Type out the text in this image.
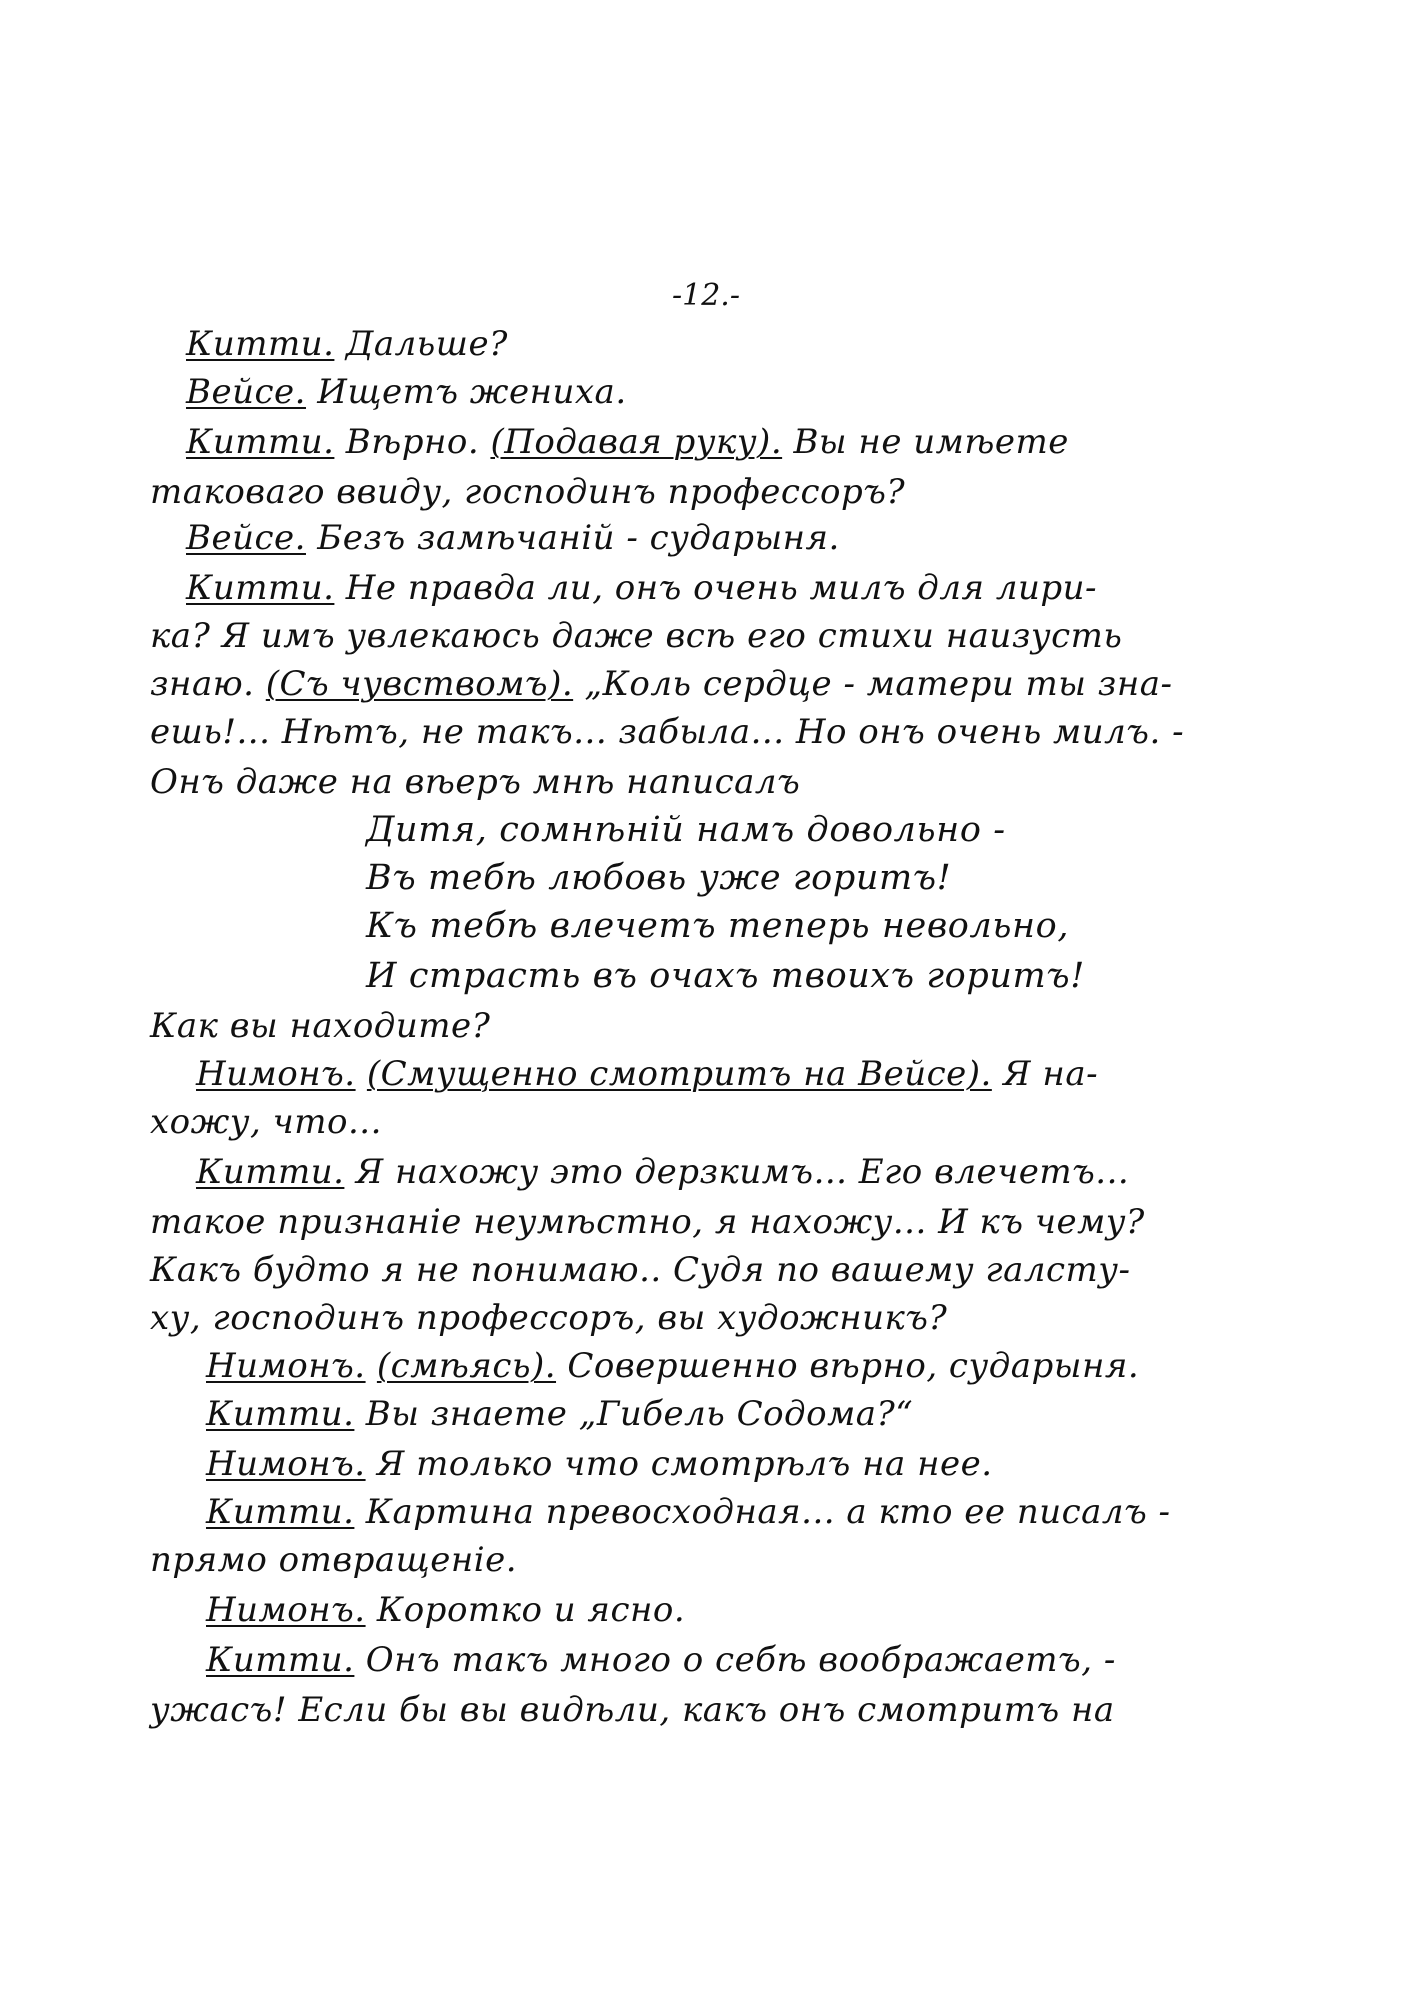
-12.-
Китти. Дальше?
Вейсе. Ищетъ жениха.
Китти. Вѣрно. (Подавая руку). Вы не имѣете
таковаго ввиду, господинъ профессоръ?
Вейсе. Безъ замѣчаній - сударыня.
Китти. Не правда ли, онъ очень милъ для лири-
ка? Я имъ увлекаюсь даже всѣ его стихи наизусть
знаю. (Съ чувствомъ). „Коль сердце - матери ты зна-
ешь!... Нѣтъ, не такъ... забыла... Но онъ очень милъ. -
Онъ даже на вѣеръ мнѣ написалъ
Дитя, сомнѣній намъ довольно -
Въ тебѣ любовь уже горитъ!
Къ тебѣ влечетъ теперь невольно,
И страсть въ очахъ твоихъ горитъ!
Как вы находите?
Нимонъ. (Смущенно смотритъ на Вейсе). Я на-
хожу, что...
Китти. Я нахожу это дерзкимъ... Его влечетъ...
такое признаніе неумѣстно, я нахожу... И къ чему?
Какъ будто я не понимаю.. Судя по вашему галсту-
ху, господинъ профессоръ, вы художникъ?
Нимонъ. (смѣясь). Совершенно вѣрно, сударыня.
Китти. Вы знаете „Гибель Содома?“
Нимонъ. Я только что смотрѣлъ на нее.
Китти. Картина превосходная... а кто ее писалъ -
прямо отвращеніе.
Нимонъ. Коротко и ясно.
Китти. Онъ такъ много о себѣ воображаетъ, -
ужасъ! Если бы вы видѣли, какъ онъ смотритъ на
